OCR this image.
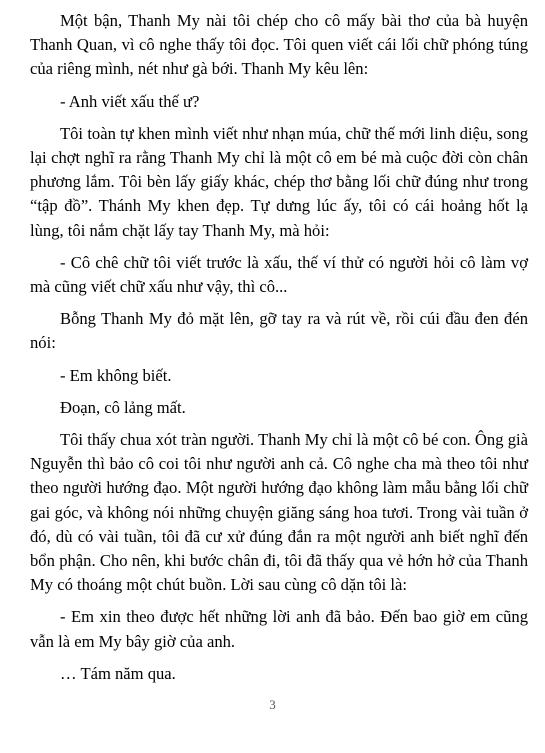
Một bận, Thanh My nài tôi chép cho cô mấy bài thơ của bà huyện Thanh Quan, vì cô nghe thấy tôi đọc. Tôi quen viết cái lối chữ phóng túng của riêng mình, nét như gà bới. Thanh My kêu lên:

- Anh viết xấu thế ư?

Tôi toàn tự khen mình viết như nhạn múa, chữ thế mới linh diệu, song lại chợt nghĩ ra rằng Thanh My chỉ là một cô em bé mà cuộc đời còn chân phương lắm. Tôi bèn lấy giấy khác, chép thơ bằng lối chữ đúng như trong “tập đồ”. Thánh My khen đẹp. Tự dưng lúc ấy, tôi có cái hoảng hốt lạ lùng, tôi nắm chặt lấy tay Thanh My, mà hỏi:

- Cô chê chữ tôi viết trước là xấu, thế ví thử có người hỏi cô làm vợ mà cũng viết chữ xấu như vậy, thì cô...

Bỗng Thanh My đỏ mặt lên, gỡ tay ra và rút về, rồi cúi đầu đen đén nói:

- Em không biết.

Đoạn, cô lảng mất.

Tôi thấy chua xót tràn người. Thanh My chỉ là một cô bé con. Ông già Nguyễn thì bảo cô coi tôi như người anh cả. Cô nghe cha mà theo tôi như theo người hướng đạo. Một người hướng đạo không làm mẫu bằng lối chữ gai góc, và không nói những chuyện giăng sáng hoa tươi. Trong vài tuần ở đó, dù có vài tuần, tôi đã cư xử đúng đắn ra một người anh biết nghĩ đến bổn phận. Cho nên, khi bước chân đi, tôi đã thấy qua vẻ hớn hở của Thanh My có thoáng một chút buồn. Lời sau cùng cô dặn tôi là:

- Em xin theo được hết những lời anh đã bảo. Đến bao giờ em cũng vẫn là em My bây giờ của anh.

… Tám năm qua.

3
